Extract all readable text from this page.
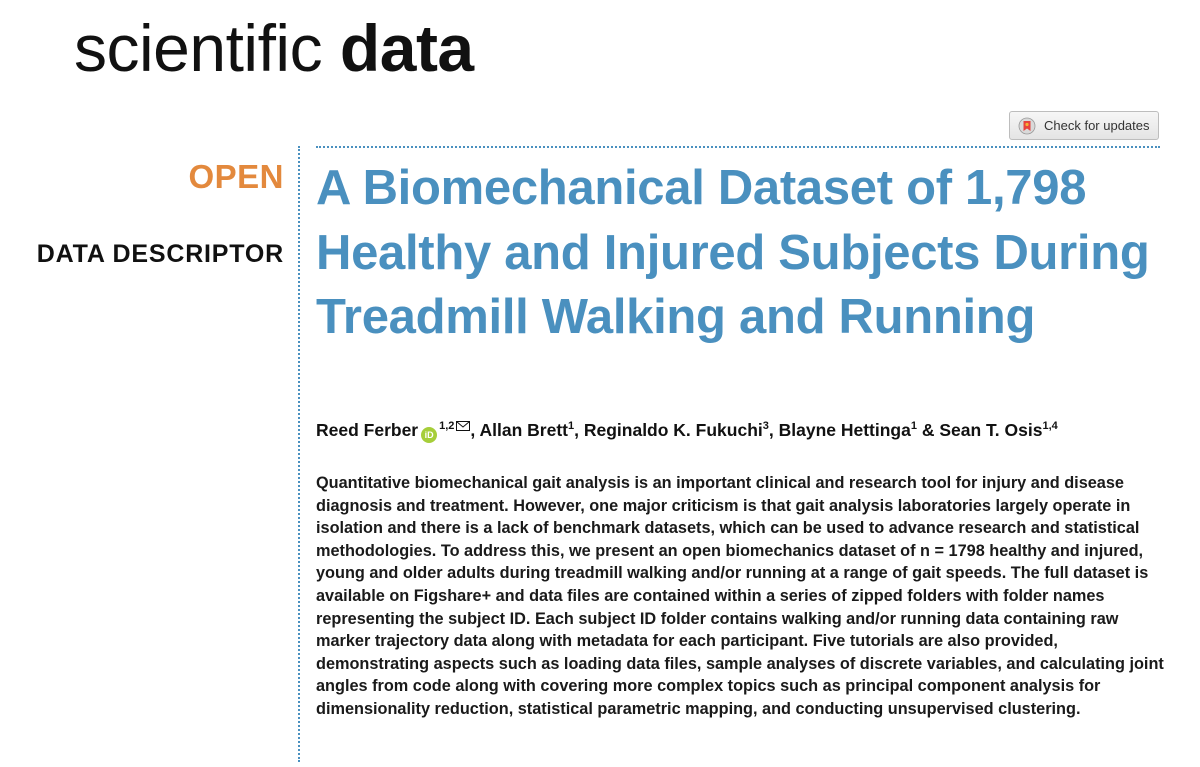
scientific data
Check for updates

OPEN

DATA DESCRIPTOR

A Biomechanical Dataset of 1,798 Healthy and Injured Subjects During Treadmill Walking and Running

Reed Ferber iD$^{1,2}$ , Allan Brett$^1$, Reginaldo K. Fukuchi$^3$, Blayne Hettinga$^1$ & Sean T. Osis$^{1,4}$

Quantitative biomechanical gait analysis is an important clinical and research tool for injury and disease diagnosis and treatment. However, one major criticism is that gait analysis laboratories largely operate in isolation and there is a lack of benchmark datasets, which can be used to advance research and statistical methodologies. To address this, we present an open biomechanics dataset of n = 1798 healthy and injured, young and older adults during treadmill walking and/or running at a range of gait speeds. The full dataset is available on Figshare+ and data files are contained within a series of zipped folders with folder names representing the subject ID. Each subject ID folder contains walking and/or running data containing raw marker trajectory data along with metadata for each participant. Five tutorials are also provided, demonstrating aspects such as loading data files, sample analyses of discrete variables, and calculating joint angles from code along with covering more complex topics such as principal component analysis for dimensionality reduction, statistical parametric mapping, and conducting unsupervised clustering.
